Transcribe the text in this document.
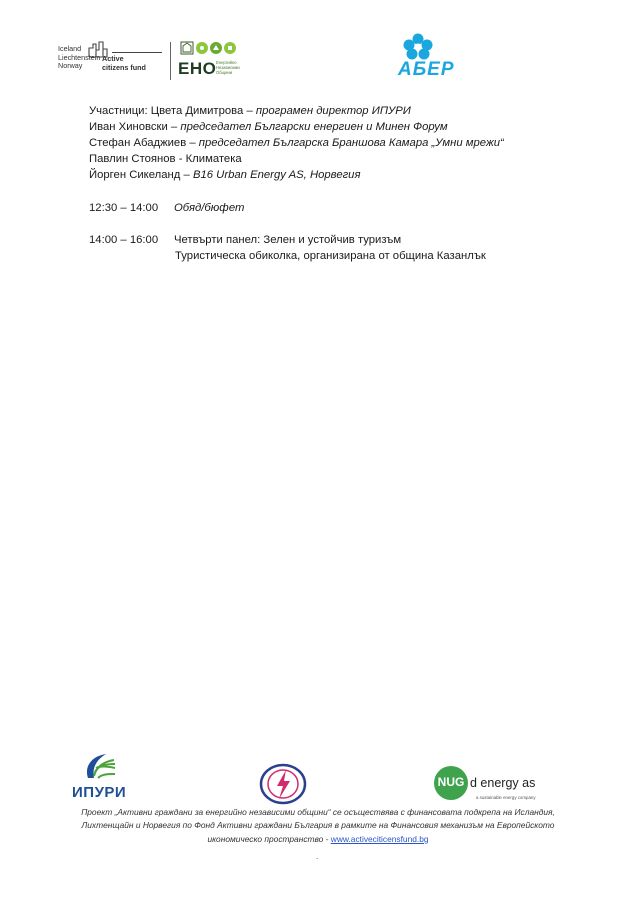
Iceland
Liechtenstein
Norway
Active
citizens fund ЕНО Енергийно
Независими
Общини	АБЕР
Участници: Цвета Димитрова – програмен директор ИПУРИ
Иван Хиновски – председател Български енергиен и Минен Форум
Стефан Абаджиев – председател Българска Браншова Камара „Умни мрежи“
Павлин Стоянов - Климатека
Йорген Сикеланд – B16 Urban Energy AS, Норвегия
12:30 – 14:00 Обяд/бюфет
14:00 – 16:00 Четвърти панел: Зелен и устойчив туризъм
Туристическа обиколка, организирана от община Казанлък
ИПУРИ
NUG d energy as
a sustainable energy company
Проект „Активни граждани за енергийно независими общини“ се осъществява с финансовата подкрепа на Исландия, Лихтенщайн и Норвегия по Фонд Активни граждани България в рамките на Финансовия механизъм на Европейското икономическо пространство - www.activeciticensfund.bg
.
